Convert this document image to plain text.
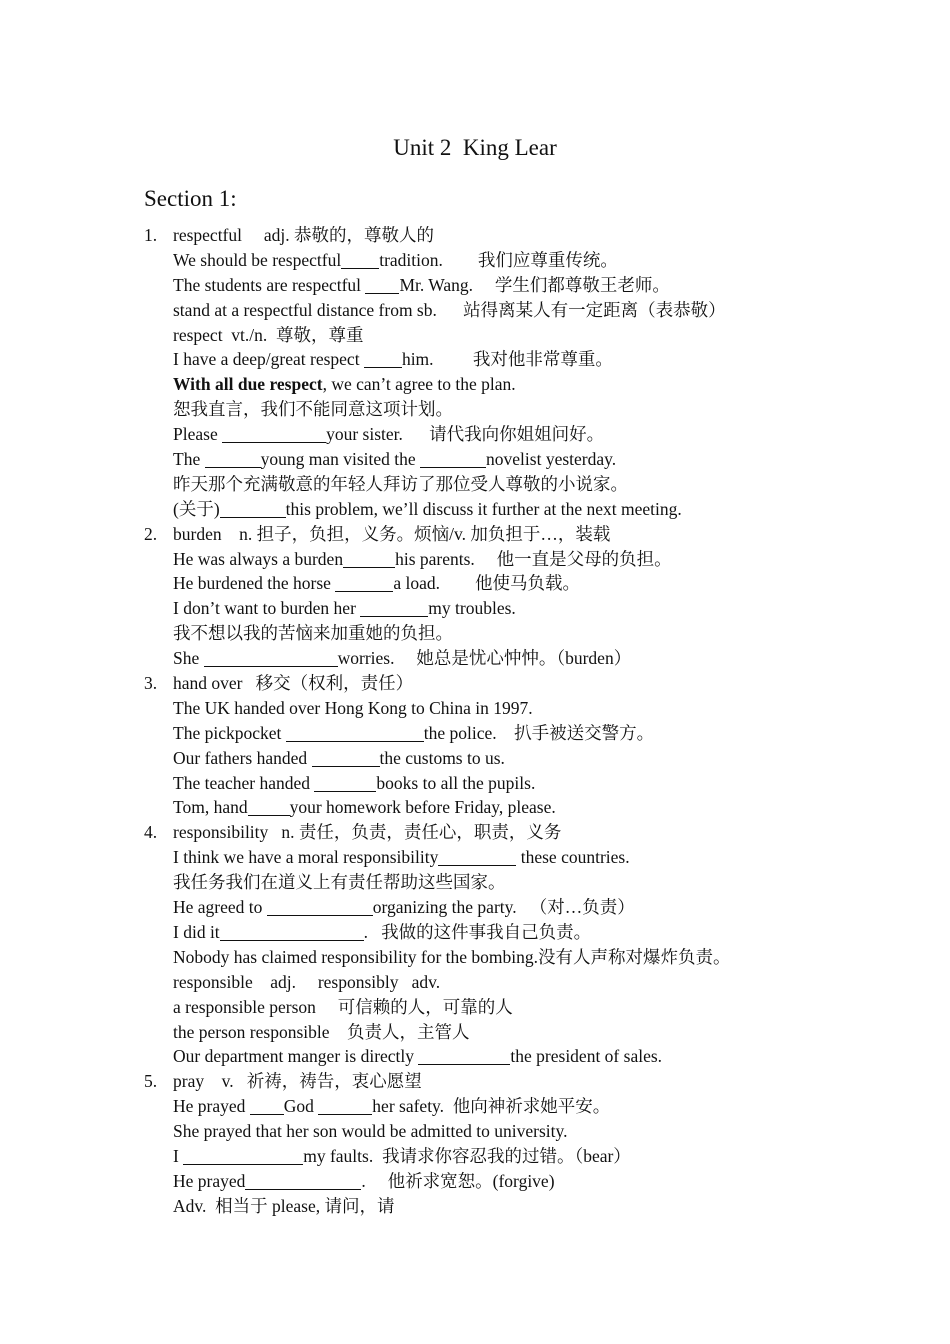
Unit 2  King Lear
Section 1:
1. respectful     adj. 恭敬的，尊敬人的
We should be respectful tradition.        我们应尊重传统。
The students are respectful Mr. Wang.     学生们都尊敬王老师。
stand at a respectful distance from sb.      站得离某人有一定距离（表恭敬）
respect  vt./n.  尊敬，尊重
I have a deep/great respect him.         我对他非常尊重。
With all due respect, we can’t agree to the plan.
恕我直言，我们不能同意这项计划。
Please	your sister.      请代我向你姐姐问好。
The	young man visited the	novelist yesterday.
昨天那个充满敬意的年轻人拜访了那位受人尊敬的小说家。
(关于)	this problem, we’ll discuss it further at the next meeting.
2. burden    n. 担子，负担，义务。烦恼/v. 加负担于…，装载
He was always a burden	his parents.     他一直是父母的负担。
He burdened the horse	a load.        他使马负载。
I don’t want to burden her	my troubles.
我不想以我的苦恼来加重她的负担。
She	worries.     她总是忧心忡忡。（burden）
3. hand over   移交（权利，责任）
The UK handed over Hong Kong to China in 1997.
The pickpocket	the police.    扒手被送交警方。
Our fathers handed	the customs to us.
The teacher handed	books to all the pupils.
Tom, hand your homework before Friday, please.
4. responsibility   n. 责任，负责，责任心，职责，义务
I think we have a moral responsibility	these countries.
我任务我们在道义上有责任帮助这些国家。
He agreed to	organizing the party.   （对…负责）
I did it	.   我做的这件事我自己负责。
Nobody has claimed responsibility for the bombing.没有人声称对爆炸负责。
responsible    adj.     responsibly   adv.
a responsible person     可信赖的人，可靠的人
the person responsible    负责人，主管人
Our department manger is directly	the president of sales.
5. pray    v.   祈祷，祷告，衷心愿望
He prayed God	her safety.  他向神祈求她平安。
She prayed that her son would be admitted to university.
I	my faults.  我请求你容忍我的过错。（bear）
He prayed	.     他祈求宽恕。(forgive)
Adv.  相当于 please, 请问，请
